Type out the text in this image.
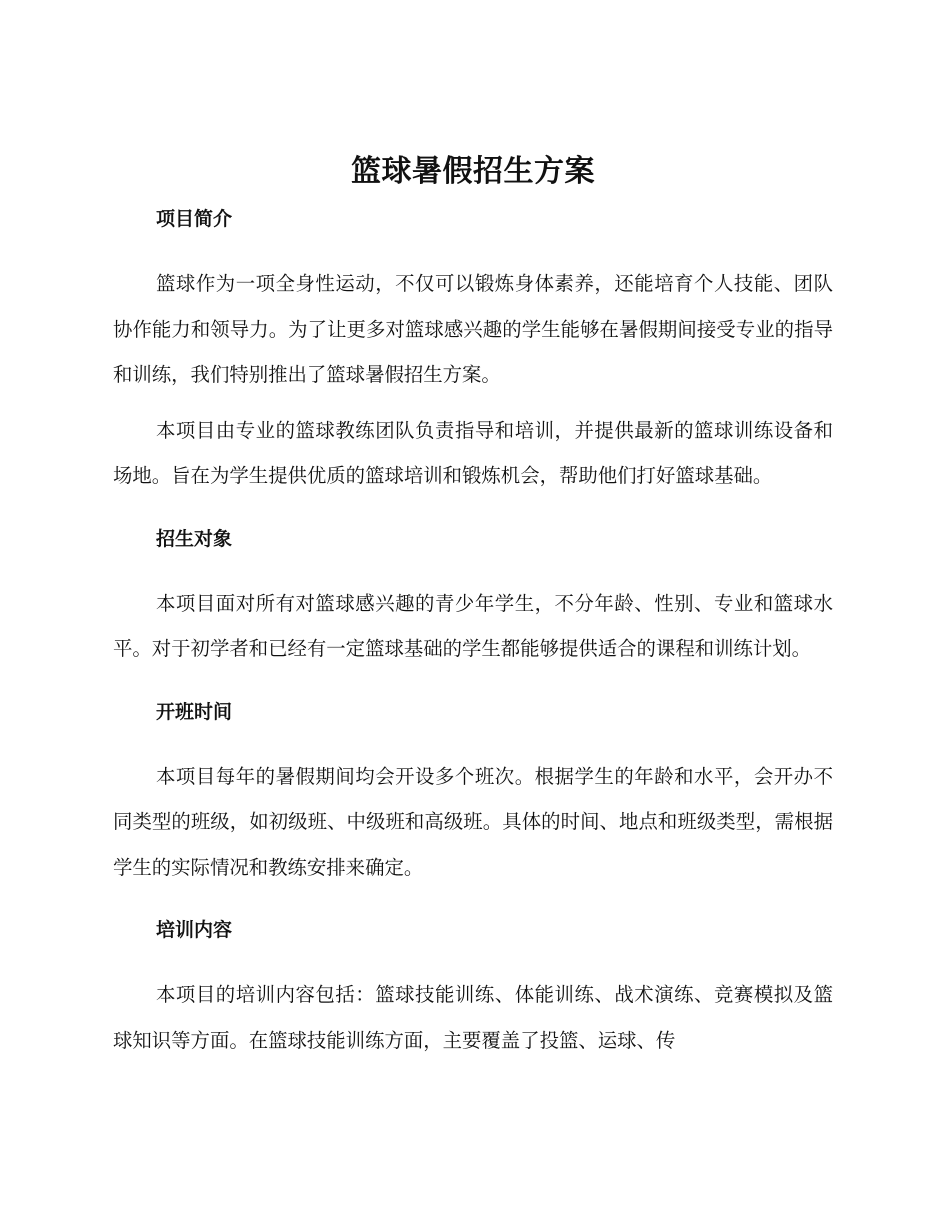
篮球暑假招生方案
项目简介

篮球作为一项全身性运动，不仅可以锻炼身体素养，还能培育个人技能、团队协作能力和领导力。为了让更多对篮球感兴趣的学生能够在暑假期间接受专业的指导和训练，我们特别推出了篮球暑假招生方案。

本项目由专业的篮球教练团队负责指导和培训，并提供最新的篮球训练设备和场地。旨在为学生提供优质的篮球培训和锻炼机会，帮助他们打好篮球基础。

招生对象

本项目面对所有对篮球感兴趣的青少年学生，不分年龄、性别、专业和篮球水平。对于初学者和已经有一定篮球基础的学生都能够提供适合的课程和训练计划。

开班时间

本项目每年的暑假期间均会开设多个班次。根据学生的年龄和水平，会开办不同类型的班级，如初级班、中级班和高级班。具体的时间、地点和班级类型，需根据学生的实际情况和教练安排来确定。

培训内容

本项目的培训内容包括：篮球技能训练、体能训练、战术演练、竞赛模拟及篮球知识等方面。在篮球技能训练方面，主要覆盖了投篮、运球、传
